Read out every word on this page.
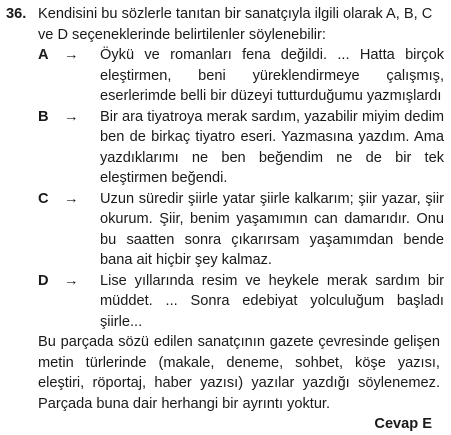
36. Kendisini bu sözlerle tanıtan bir sanatçıyla ilgili olarak A, B, C ve D seçeneklerinde belirtilenler söylenebilir:
A	→	Öykü ve romanları fena değildi. ... Hatta birçok eleştirmen, beni yüreklendirmeye çalışmış, eserlerimde belli bir düzeyi tutturduğumu yazmışlardı
B	→	Bir ara tiyatroya merak sardım, yazabilir miyim dedim ben de birkaç tiyatro eseri. Yazmasına yazdım. Ama yazdıklarımı ne ben beğendim ne de bir tek eleştirmen beğendi.
C	→	Uzun süredir şiirle yatar şiirle kalkarım; şiir yazar, şiir okurum. Şiir, benim yaşamımın can damarıdır. Onu bu saatten sonra çıkarırsam yaşamımdan bende bana ait hiçbir şey kalmaz.
D	→	Lise yıllarında resim ve heykele merak sardım bir müddet. ... Sonra edebiyat yolculuğum başladı şiirle...
Bu parçada sözü edilen sanatçının gazete çevresinde gelişen metin türlerinde (makale, deneme, sohbet, köşe yazısı, eleştiri, röportaj, haber yazısı) yazılar yazdığı söylenemez. Parçada buna dair herhangi bir ayrıntı yoktur.
Cevap E
